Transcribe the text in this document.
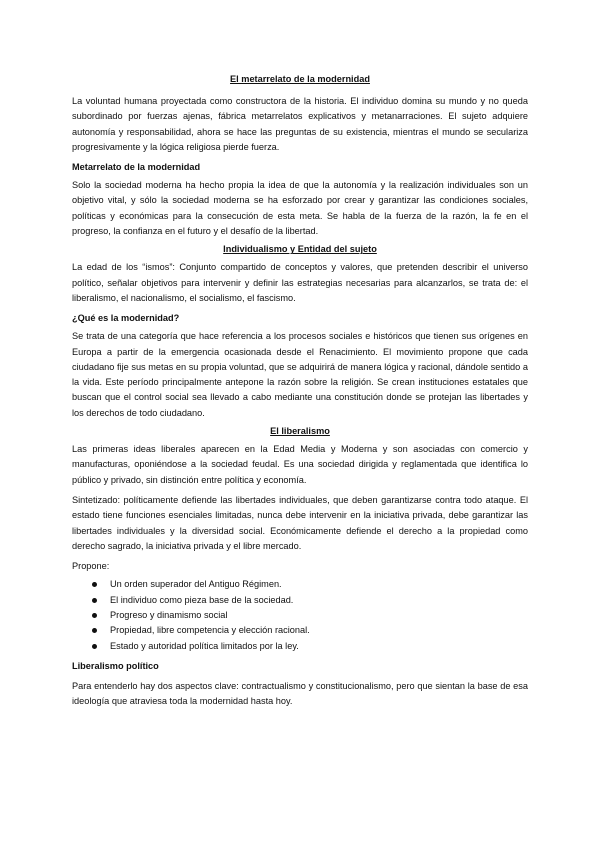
El metarrelato de la modernidad

La voluntad humana proyectada como constructora de la historia. El individuo domina su mundo y no queda subordinado por fuerzas ajenas, fábrica metarrelatos explicativos y metanarraciones. El sujeto adquiere autonomía y responsabilidad, ahora se hace las preguntas de su existencia, mientras el mundo se seculariza progresivamente y la lógica religiosa pierde fuerza.

Metarrelato de la modernidad

Solo la sociedad moderna ha hecho propia la idea de que la autonomía y la realización individuales son un objetivo vital, y sólo la sociedad moderna se ha esforzado por crear y garantizar las condiciones sociales, políticas y económicas para la consecución de esta meta. Se habla de la fuerza de la razón, la fe en el progreso, la confianza en el futuro y el desafío de la libertad.

Individualismo y Entidad del sujeto

La edad de los “ismos”: Conjunto compartido de conceptos y valores, que pretenden describir el universo político, señalar objetivos para intervenir y definir las estrategias necesarias para alcanzarlos, se trata de: el liberalismo, el nacionalismo, el socialismo, el fascismo.

¿Qué es la modernidad?

Se trata de una categoría que hace referencia a los procesos sociales e históricos que tienen sus orígenes en Europa a partir de la emergencia ocasionada desde el Renacimiento. El movimiento propone que cada ciudadano fije sus metas en su propia voluntad, que se adquirirá de manera lógica y racional, dándole sentido a la vida. Este período principalmente antepone la razón sobre la religión. Se crean instituciones estatales que buscan que el control social sea llevado a cabo mediante una constitución donde se protejan las libertades y los derechos de todo ciudadano.

El liberalismo

Las primeras ideas liberales aparecen en la Edad Media y Moderna y son asociadas con comercio y manufacturas, oponiéndose a la sociedad feudal. Es una sociedad dirigida y reglamentada que identifica lo público y privado, sin distinción entre política y economía.

Sintetizado: políticamente defiende las libertades individuales, que deben garantizarse contra todo ataque. El estado tiene funciones esenciales limitadas, nunca debe intervenir en la iniciativa privada, debe garantizar las libertades individuales y la diversidad social. Económicamente defiende el derecho a la propiedad como derecho sagrado, la iniciativa privada y el libre mercado.

Propone:

Un orden superador del Antiguo Régimen.
El individuo como pieza base de la sociedad.
Progreso y dinamismo social
Propiedad, libre competencia y elección racional.
Estado y autoridad política limitados por la ley.

Liberalismo político

Para entenderlo hay dos aspectos clave: contractualismo y constitucionalismo, pero que sientan la base de esa ideología que atraviesa toda la modernidad hasta hoy.
